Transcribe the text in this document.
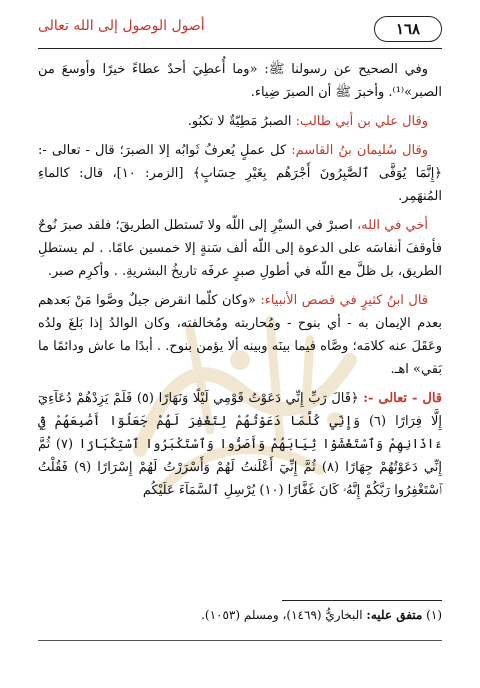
١٦٨
أصول الوصول إلى الله تعالى

وفي الصحيح عن رسولنا ﷺ: «وما أُعطِيَ أحدٌ عطاءً خيرًا وأوسعَ من الصبر»⁽¹⁾. وأخبرَ ﷺ أن الصبرَ ضِياء.

وقال علي بن أبي طالب: الصبرُ مَطِيّةٌ لا تكبُو.

وقال سُليمان بنُ القاسم: كل عملٍ يُعرفُ ثَوابُه إلا الصبرَ؛ قال - تعالى -: ﴿إِنَّمَا يُوَفَّى ٱلصَّٰبِرُونَ أَجْرَهُم بِغَيْرِ حِسَابٍ﴾ [الزمر: ١٠]، قال: كالماءِ المُنهَمِر.

أخي في الله، اصبرْ في السيْرِ إلى اللّه ولا تَستطل الطريقَ؛ فلقد صبرَ نُوحٌ فأوقفَ أنفاسَه على الدعوة إلى اللّه ألف سَنةٍ إلا خمسين عامًا. . لم يستطلِ الطريق، بل ظلَّ مع اللّه في أطولِ صبرٍ عرفَه تاريخُ البشريةِ. . وأكرِم صبر.

قال ابنُ كثيرٍ في قصص الأنبياء: «وكان كلّما انقرض جيلٌ وصَّوا مَنْ بَعدهم بعدم الإيمان به - أي بنوح - ومُحاربته ومُخالفته، وكان الوالدُ إذا بَلغَ ولدُه وعَقَلَ عنه كلامَه؛ وصَّاه فيما بينَه وبينه ألا يؤمن بنوح. . أبدًا ما عاش ودائمًا ما بَقي» اهـ.

قال - تعالى -: ﴿قَالَ رَبِّ إِنِّي دَعَوْتُ قَوْمِي لَيْلًا وَنَهَارًا (٥) فَلَمْ يَزِدْهُمْ دُعَآءِيٓ إِلَّا فِرَارًا (٦) وَإِنِّي كُلَّمَا دَعَوْتُهُمْ لِتَغْفِرَ لَهُمْ جَعَلُوٓا أَصَٰبِعَهُمْ فِيٓ ءَاذَانِهِمْ وَٱسْتَغْشَوْا ثِيَابَهُمْ وَأَصَرُّوا وَٱسْتَكْبَرُوا ٱسْتِكْبَارًا (٧) ثُمَّ إِنِّي دَعَوْتُهُمْ جِهَارًا (٨) ثُمَّ إِنِّيٓ أَعْلَنتُ لَهُمْ وَأَسْرَرْتُ لَهُمْ إِسْرَارًا (٩) فَقُلْتُ ٱسْتَغْفِرُوا رَبَّكُمْ إِنَّهُۥ كَانَ غَفَّارًا (١٠) يُرْسِلِ ٱلسَّمَآءَ عَلَيْكُم

(١) متفق عليه: البخاريُّ (١٤٦٩)، ومسلم (١٠٥٣).
